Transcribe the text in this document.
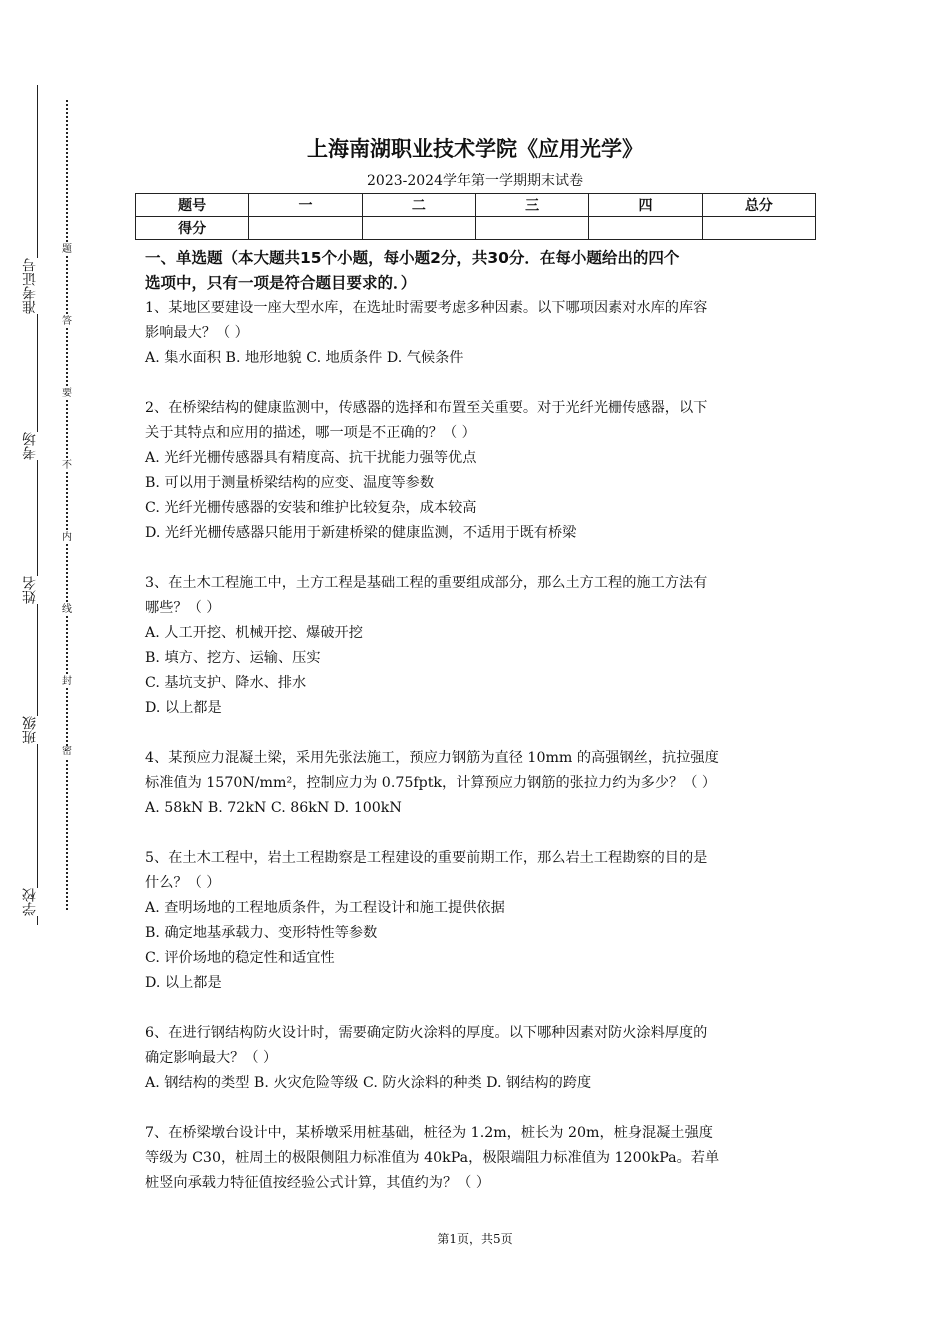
学校
班级
姓名
考场
准考证号
密
封
线
内
不
要
答
题
上海南湖职业技术学院《应用光学》
2023-2024学年第一学期期末试卷
题号	一	二	三	四	总分
得分					
一、单选题（本大题共15个小题，每小题2分，共30分．在每小题给出的四个
选项中，只有一项是符合题目要求的．）
1、某地区要建设一座大型水库，在选址时需要考虑多种因素。以下哪项因素对水库的库容
影响最大？（ ）
A. 集水面积 B. 地形地貌 C. 地质条件 D. 气候条件
2、在桥梁结构的健康监测中，传感器的选择和布置至关重要。对于光纤光栅传感器，以下
关于其特点和应用的描述，哪一项是不正确的？（ ）
A. 光纤光栅传感器具有精度高、抗干扰能力强等优点
B. 可以用于测量桥梁结构的应变、温度等参数
C. 光纤光栅传感器的安装和维护比较复杂，成本较高
D. 光纤光栅传感器只能用于新建桥梁的健康监测，不适用于既有桥梁
3、在土木工程施工中，土方工程是基础工程的重要组成部分，那么土方工程的施工方法有
哪些？（ ）
A. 人工开挖、机械开挖、爆破开挖
B. 填方、挖方、运输、压实
C. 基坑支护、降水、排水
D. 以上都是
4、某预应力混凝土梁，采用先张法施工，预应力钢筋为直径 10mm 的高强钢丝，抗拉强度
标准值为 1570N/mm²，控制应力为 0.75fptk，计算预应力钢筋的张拉力约为多少？（ ）
A. 58kN B. 72kN C. 86kN D. 100kN
5、在土木工程中，岩土工程勘察是工程建设的重要前期工作，那么岩土工程勘察的目的是
什么？（ ）
A. 查明场地的工程地质条件，为工程设计和施工提供依据
B. 确定地基承载力、变形特性等参数
C. 评价场地的稳定性和适宜性
D. 以上都是
6、在进行钢结构防火设计时，需要确定防火涂料的厚度。以下哪种因素对防火涂料厚度的
确定影响最大？（ ）
A. 钢结构的类型 B. 火灾危险等级 C. 防火涂料的种类 D. 钢结构的跨度
7、在桥梁墩台设计中，某桥墩采用桩基础，桩径为 1.2m，桩长为 20m，桩身混凝土强度
等级为 C30，桩周土的极限侧阻力标准值为 40kPa，极限端阻力标准值为 1200kPa。若单
桩竖向承载力特征值按经验公式计算，其值约为？（ ）
第1页，共5页
